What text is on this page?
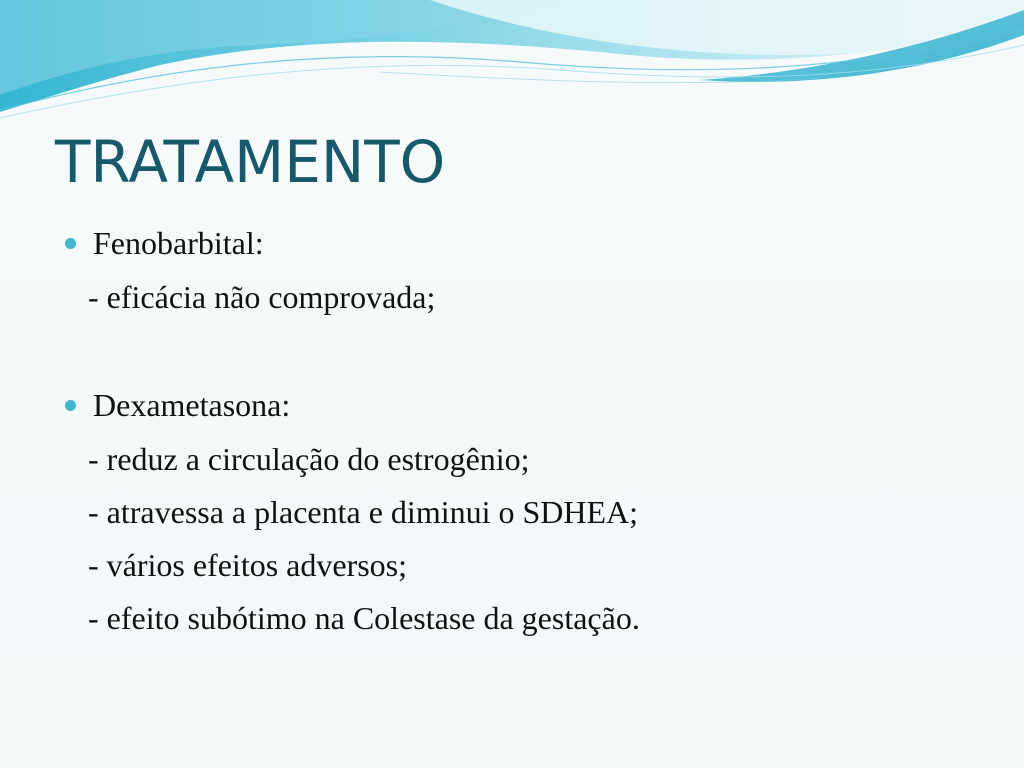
TRATAMENTO
Fenobarbital:
- eficácia não comprovada;
Dexametasona:
- reduz a circulação do estrogênio;
- atravessa a placenta e diminui o SDHEA;
- vários efeitos adversos;
- efeito subótimo na Colestase da gestação.
